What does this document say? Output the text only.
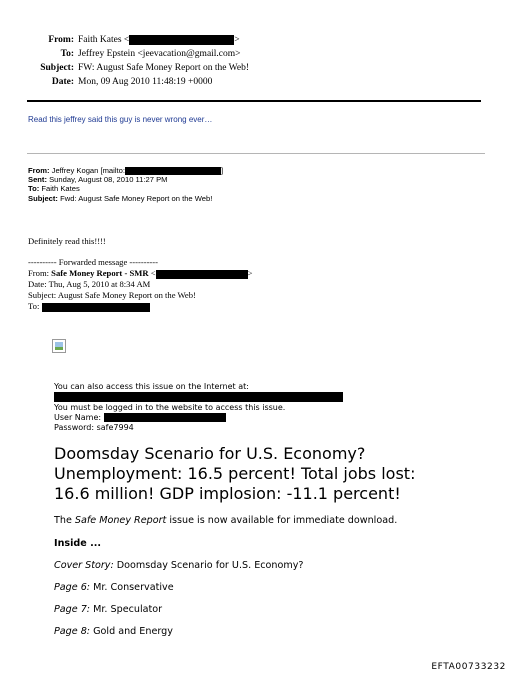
From: Faith Kates <	>
To: Jeffrey Epstein <jeevacation@gmail.com>
Subject: FW: August Safe Money Report on the Web!
Date: Mon, 09 Aug 2010 11:48:19 +0000
Read this jeffrey said this guy is never wrong ever…
From: Jeffrey Kogan [mailto:	]
Sent: Sunday, August 08, 2010 11:27 PM
To: Faith Kates
Subject: Fwd: August Safe Money Report on the Web!
Definitely read this!!!!
---------- Forwarded message ----------
From: Safe Money Report - SMR <	>
Date: Thu, Aug 5, 2010 at 8:34 AM
Subject: August Safe Money Report on the Web!
To:
You can also access this issue on the Internet at:
You must be logged in to the website to access this issue.
User Name:
Password: safe7994
Doomsday Scenario for U.S. Economy?
Unemployment: 16.5 percent! Total jobs lost:
16.6 million! GDP implosion: -11.1 percent!
The Safe Money Report issue is now available for immediate download.
Inside ...
Cover Story: Doomsday Scenario for U.S. Economy?
Page 6: Mr. Conservative
Page 7: Mr. Speculator
Page 8: Gold and Energy
EFTA00733232
